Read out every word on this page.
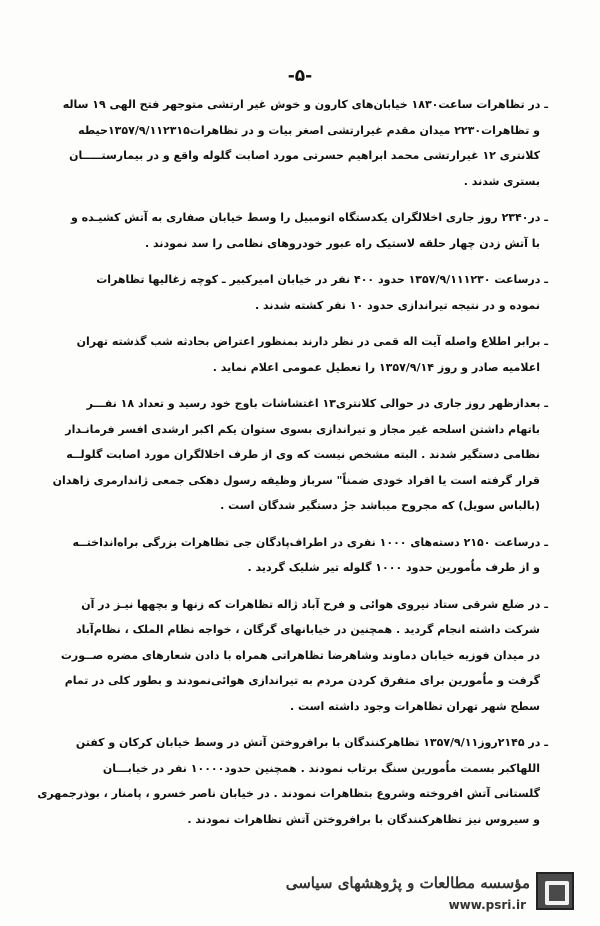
-۵-
ـ در تظاهرات ساعت۱۸۳۰ خیابان‌های کارون و خوش غیر ارتشی متوجهر فتح الهی ۱۹ ساله
و تظاهرات۲۲۳۰ میدان مقدم غیرارتشی اصغر بیات و در تظاهرات۱۳۵۷/۹/۱۱۲۳۱۵حیطه
کلانتری ۱۲ غیرارتشی محمد ابراهیم حسرتی مورد اصابت گلوله واقع و در بیمارستـــــان
بستری شدند .
ـ در۲۳۴۰ روز جاری اخلالگران یکدستگاه اتومبیل را وسط خیابان صفاری به آتش کشیـده و
با آتش زدن چهار حلقه لاستیک راه عبور خودروهای نظامی را سد نمودند .
ـ درساعت ۱۳۵۷/۹/۱۱۱۲۳۰ حدود ۴۰۰ نفر در خیابان امیرکبیر ـ کوچه زغالیها تظاهرات
نموده و در نتیجه تیراندازی حدود ۱۰ نفر کشته شدند .
ـ برابر اطلاع واصله آیت اله قمی در نظر دارند بمنظور اعتراض بحادثه شب گذشته تهران
اعلامیه صادر و روز ۱۳۵۷/۹/۱۴ را تعطیل عمومی اعلام نماید .
ـ بعدازظهر روز جاری در حوالی کلانتری۱۳ اغتشاشات باوج خود رسید و تعداد ۱۸ نفـــر
باتهام داشتن اسلحه غیر مجاز و تیراندازی بسوی ستوان یکم اکبر ارشدی افسر فرمانـدار
نظامی دستگیر شدند . البته مشخص نیست که وی از طرف اخلالگران مورد اصابت گلولــه
قرار گرفته است یا افراد خودی ضمناً" سرباز وظیفه رسول دهکی جمعی ژاندارمری زاهدان
(بالباس سویل) که مجروح میباشد جزٔ دستگیر شدگان است .
ـ درساعت ۲۱۵۰ دسته‌های ۱۰۰۰ نفری در اطراف‌پادگان جی تظاهرات بزرگی براه‌انداختــه
و از طرف ماٌمورین حدود ۱۰۰۰ گلوله تیر شلیک گردید .
ـ در ضلع شرقی ستاد نیروی هوائی و فرح آباد ژاله تظاهرات که زنها و بچهها نیـز در آن
شرکت داشته انجام گردید . همچنین در خیابانهای گرگان ، خواجه نظام الملک ، نظام‌آباد
در میدان فوزیه خیابان دماوند وشاهرضا تظاهراتی همراه با دادن شعارهای مضره صــورت
گرفت و ماٌمورین برای متفرق کردن مردم به تیراندازی هوائی‌نمودند و بطور کلی در تمام
سطح شهر تهران تظاهرات وجود داشته است .
ـ در ۲۱۴۵روز۱۳۵۷/۹/۱۱ تظاهرکنندگان با برافروختن آتش در وسط خیابان کرکان و کفتن
اللهاکبر بسمت ماٌمورین سنگ برتاب نمودند . همچنین حدود۱۰۰۰۰ نفر در خیابـــان
گلستانی آتش افروخته وشروع بتظاهرات نمودند . در خیابان ناصر خسرو ، پامنار ، بوذرجمهری
و سیروس نیز تظاهرکنندگان با برافروختن آتش تظاهرات نمودند .
مؤسسه مطالعات و پژوهشهای سیاسی
www.psri.ir
